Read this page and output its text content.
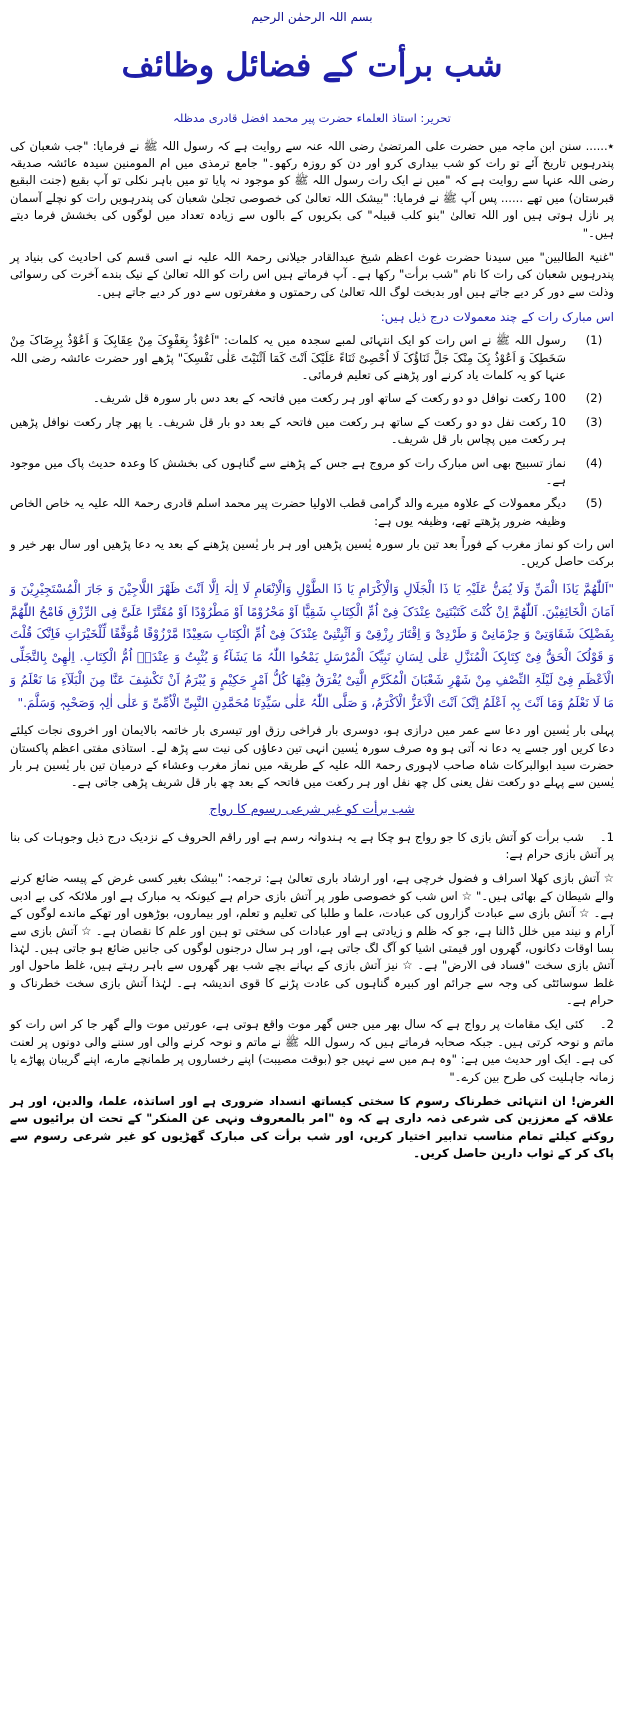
بسم اللہ الرحمٰن الرحیم
شب برأت کے فضائل وظائف
تحریر: استاذ العلماء حضرت پیر محمد افضل قادری مدظلہ

٭...... سنن ابن ماجہ میں حضرت علی المرتضیٰ رضی اللہ عنہ سے روایت ہے کہ رسول اللہ ﷺ نے فرمایا: "جب شعبان کی پندرہویں تاریخ آئے تو رات کو شب بیداری کرو اور دن کو روزہ رکھو۔" جامع ترمذی میں ام المومنین سیدہ عائشہ صدیقہ رضی اللہ عنہا سے روایت ہے کہ "میں نے ایک رات رسول اللہ ﷺ کو موجود نہ پایا تو میں باہر نکلی تو آپ بقیع (جنت البقیع قبرستان) میں تھے ...... پس آپ ﷺ نے فرمایا: "بیشک اللہ تعالیٰ کی خصوصی تجلیٰ شعبان کی پندرہویں رات کو نچلے آسمان پر نازل ہوتی ہیں اور اللہ تعالیٰ "بنو کلب قبیلہ" کی بکریوں کے بالوں سے زیادہ تعداد میں لوگوں کی بخشش فرما دیتے ہیں۔"

"غنیۃ الطالبین" میں سیدنا حضرت غوث اعظم شیخ عبدالقادر جیلانی رحمۃ اللہ علیہ نے اسی قسم کی احادیث کی بنیاد پر پندرہویں شعبان کی رات کا نام "شب برأت" رکھا ہے۔ آپ فرماتے ہیں اس رات کو اللہ تعالیٰ کے نیک بندے آخرت کی رسوائی وذلت سے دور کر دیے جاتے ہیں اور بدبخت لوگ اللہ تعالیٰ کی رحمتوں و مغفرتوں سے دور کر دیے جاتے ہیں۔

اس مبارک رات کے چند معمولات درج ذیل ہیں:
(1)
رسول اللہ ﷺ نے اس رات کو ایک انتہائی لمبے سجدہ میں یہ کلمات: "اَعُوْذُ بِعَفْوِکَ مِنْ عِقَابِکَ وَ اَعُوْذُ بِرِضَاکَ مِنْ سَخَطِکَ وَ اَعُوْذُ بِکَ مِنْکَ جَلَّ ثَنَاؤُکَ لَا اُحْصِیْ ثَنَاءً عَلَیْکَ اَنْتَ کَمَا اَثْنَیْتَ عَلٰی نَفْسِکَ" پڑھے اور حضرت عائشہ رضی اللہ عنہا کو یہ کلمات یاد کرنے اور پڑھنے کی تعلیم فرمائی۔
(2)
100 رکعت نوافل دو دو رکعت کے ساتھ اور ہر رکعت میں فاتحہ کے بعد دس بار سورہ قل شریف۔
(3)
10 رکعت نفل دو دو رکعت کے ساتھ ہر رکعت میں فاتحہ کے بعد دو بار قل شریف۔ یا پھر چار رکعت نوافل پڑھیں ہر رکعت میں پچاس بار قل شریف۔
(4)
نماز تسبیح بھی اس مبارک رات کو مروج ہے جس کے پڑھنے سے گناہوں کی بخشش کا وعدہ حدیث پاک میں موجود ہے۔
(5)
دیگر معمولات کے علاوہ میرے والد گرامی قطب الاولیا حضرت پیر محمد اسلم قادری رحمۃ اللہ علیہ یہ خاص الخاص وظیفہ ضرور پڑھتے تھے، وظیفہ یوں ہے:

اس رات کو نماز مغرب کے فوراً بعد تین بار سورہ یٰسین پڑھیں اور ہر بار یٰسین پڑھنے کے بعد یہ دعا پڑھیں اور سال بھر خیر و برکت حاصل کریں۔

"اَللّٰھُمَّ یَاذَا الْمَنِّ وَلَا یُمَنُّ عَلَیْہِ یَا ذَا الْجَلَالِ وَالْاِکْرَامِ یَا ذَا الطَّوْلِ وَالْاِنْعَامِ لَا اِلٰہَ اِلَّا اَنْتَ ظَھْرَ اللَّاجِیْنَ وَ جَارَ الْمُسْتَجِیْرِیْنَ وَ اَمَانَ الْخَائِفِیْنَ. اَللّٰھُمَّ اِنْ کُنْتَ کَتَبْتَنِیْ عِنْدَکَ فِیْ اُمِّ الْکِتَابِ شَقِیًّا اَوْ مَحْرُوْمًا اَوْ مَطْرُوْدًا اَوْ مُقَتَّرًا عَلَیَّ فِی الرِّزْقِ فَامْحُ اللّٰھُمَّ بِفَضْلِکَ شَقَاوَتِیْ وَ حِرْمَانِیْ وَ طَرْدِیْ وَ اِقْتَارَ رِزْقِیْ وَ اَثْبِتْنِیْ عِنْدَکَ فِیْ اُمِّ الْکِتَابِ سَعِیْدًا مَّرْزُوْقًا مُّوَفَّقًا لِّلْخَیْرَاتِ فَاِنَّکَ قُلْتَ وَ قَوْلُکَ الْحَقُّ فِیْ کِتَابِکَ الْمُنَزَّلِ عَلٰی لِسَانِ نَبِیِّکَ الْمُرْسَلِ یَمْحُوا اللّٰہُ مَا یَشَآءُ وَ یُثْبِتُ وَ عِنْدَہٗ اُمُّ الْکِتَابِ. اِلٰھِیْ بِالتَّجَلِّی الْاَعْظَمِ فِیْ لَیْلَۃِ النِّصْفِ مِنْ شَھْرِ شَعْبَانَ الْمُکَرَّمِ الَّتِیْ یُفْرَقُ فِیْھَا کُلُّ اَمْرٍ حَکِیْمٍ وَ یُبْرَمُ اَنْ تَکْشِفَ عَنَّا مِنَ الْبَلَآءِ مَا نَعْلَمُ وَ مَا لَا نَعْلَمُ وَمَا اَنْتَ بِہٖ اَعْلَمُ اِنَّکَ اَنْتَ الْاَعَزُّ الْاَکْرَمُ، وَ صَلَّی اللّٰہُ عَلٰی سَیِّدِنَا مُحَمَّدِنِ النَّبِیِّ الْاُمِّیِّ وَ عَلٰی اٰلِہٖ وَصَحْبِہٖ وَسَلَّمَ."

پہلی بار یٰسین اور دعا سے عمر میں درازی ہو، دوسری بار فراخی رزق اور تیسری بار خاتمہ بالایمان اور اخروی نجات کیلئے دعا کریں اور جسے یہ دعا نہ آتی ہو وہ صرف سورہ یٰسین انہی تین دعاؤں کی نیت سے پڑھ لے۔ استاذی مفتی اعظم پاکستان حضرت سید ابوالبرکات شاہ صاحب لاہوری رحمۃ اللہ علیہ کے طریقہ میں نماز مغرب وعشاء کے درمیان تین بار یٰسین ہر بار یٰسین سے پہلے دو رکعت نفل یعنی کل چھ نفل اور ہر رکعت میں فاتحہ کے بعد چھ بار قل شریف پڑھی جاتی ہے۔

شب برأت کو غیر شرعی رسوم کا رواج
1۔شب برأت کو آتش بازی کا جو رواج ہو چکا ہے یہ ہندوانہ رسم ہے اور راقم الحروف کے نزدیک درج ذیل وجوہات کی بنا پر آتش بازی حرام ہے:
☆ آتش بازی کھلا اسراف و فضول خرچی ہے، اور ارشاد باری تعالیٰ ہے: ترجمہ: "بیشک بغیر کسی غرض کے پیسہ ضائع کرنے والے شیطان کے بھائی ہیں۔" ☆ اس شب کو خصوصی طور پر آتش بازی حرام ہے کیونکہ یہ مبارک ہے اور ملائکہ کی بے ادبی ہے۔ ☆ آتش بازی سے عبادت گزاروں کی عبادت، علما و طلبا کی تعلیم و تعلم، اور بیماروں، بوڑھوں اور تھکے ماندے لوگوں کے آرام و نیند میں خلل ڈالنا ہے، جو کہ ظلم و زیادتی ہے اور عبادات کی سختی تو ہین اور علم کا نقصان ہے۔ ☆ آتش بازی سے بسا اوقات دکانوں، گھروں اور قیمتی اشیا کو آگ لگ جاتی ہے، اور ہر سال درجنوں لوگوں کی جانیں ضائع ہو جاتی ہیں۔ لہٰذا آتش بازی سخت "فساد فی الارض" ہے۔ ☆ نیز آتش بازی کے بہانے بچے شب بھر گھروں سے باہر رہتے ہیں، غلط ماحول اور غلط سوسائٹی کی وجہ سے جرائم اور کبیرہ گناہوں کی عادت پڑنے کا قوی اندیشہ ہے۔ لہٰذا آتش بازی سخت خطرناک و حرام ہے۔
2۔کئی ایک مقامات پر رواج ہے کہ سال بھر میں جس گھر موت واقع ہوتی ہے، عورتیں موت والے گھر جا کر اس رات کو ماتم و نوحہ کرتی ہیں۔ جبکہ صحابہ فرماتے ہیں کہ رسول اللہ ﷺ نے ماتم و نوحہ کرنے والی اور سننے والی دونوں پر لعنت کی ہے۔ ایک اور حدیث میں ہے: "وہ ہم میں سے نہیں جو (بوقت مصیبت) اپنے رخساروں پر طمانچے مارے، اپنے گریبان پھاڑے یا زمانہ جاہلیت کی طرح بین کرے۔"
الغرض! ان انتہائی خطرناک رسوم کا سختی کیساتھ انسداد ضروری ہے اور اساتذہ، علما، والدین، اور ہر علاقہ کے معززین کی شرعی ذمہ داری ہے کہ وہ "امر بالمعروف ونہی عن المنکر" کے تحت ان برائیوں سے روکنے کیلئے تمام مناسب تدابیر اختیار کریں، اور شب برأت کی مبارک گھڑیوں کو غیر شرعی رسوم سے پاک کر کے ثواب دارین حاصل کریں۔
